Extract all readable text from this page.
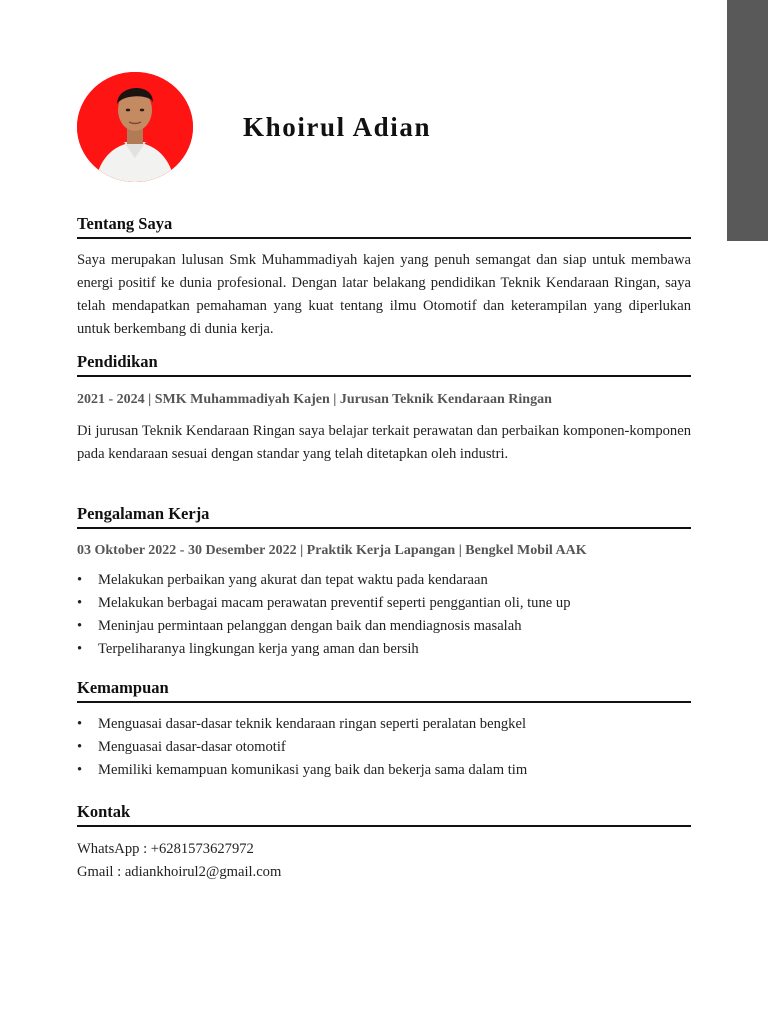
Khoirul Adian
Tentang Saya
Saya merupakan lulusan Smk Muhammadiyah kajen yang penuh semangat dan siap untuk membawa energi positif ke dunia profesional. Dengan latar belakang pendidikan Teknik Kendaraan Ringan, saya telah mendapatkan pemahaman yang kuat tentang ilmu Otomotif dan keterampilan yang diperlukan untuk berkembang di dunia kerja.
Pendidikan
2021 - 2024 | SMK Muhammadiyah Kajen | Jurusan Teknik Kendaraan Ringan
Di jurusan Teknik Kendaraan Ringan saya belajar terkait perawatan dan perbaikan komponen-komponen pada kendaraan sesuai dengan standar yang telah ditetapkan oleh industri.
Pengalaman Kerja
03 Oktober 2022 - 30 Desember 2022 | Praktik Kerja Lapangan | Bengkel Mobil AAK
• Melakukan perbaikan yang akurat dan tepat waktu pada kendaraan
• Melakukan berbagai macam perawatan preventif seperti penggantian oli, tune up
• Meninjau permintaan pelanggan dengan baik dan mendiagnosis masalah
• Terpeliharanya lingkungan kerja yang aman dan bersih
Kemampuan
• Menguasai dasar-dasar teknik kendaraan ringan seperti peralatan bengkel
• Menguasai dasar-dasar otomotif
• Memiliki kemampuan komunikasi yang baik dan bekerja sama dalam tim
Kontak
WhatsApp : +6281573627972
Gmail : adiankhoirul2@gmail.com
